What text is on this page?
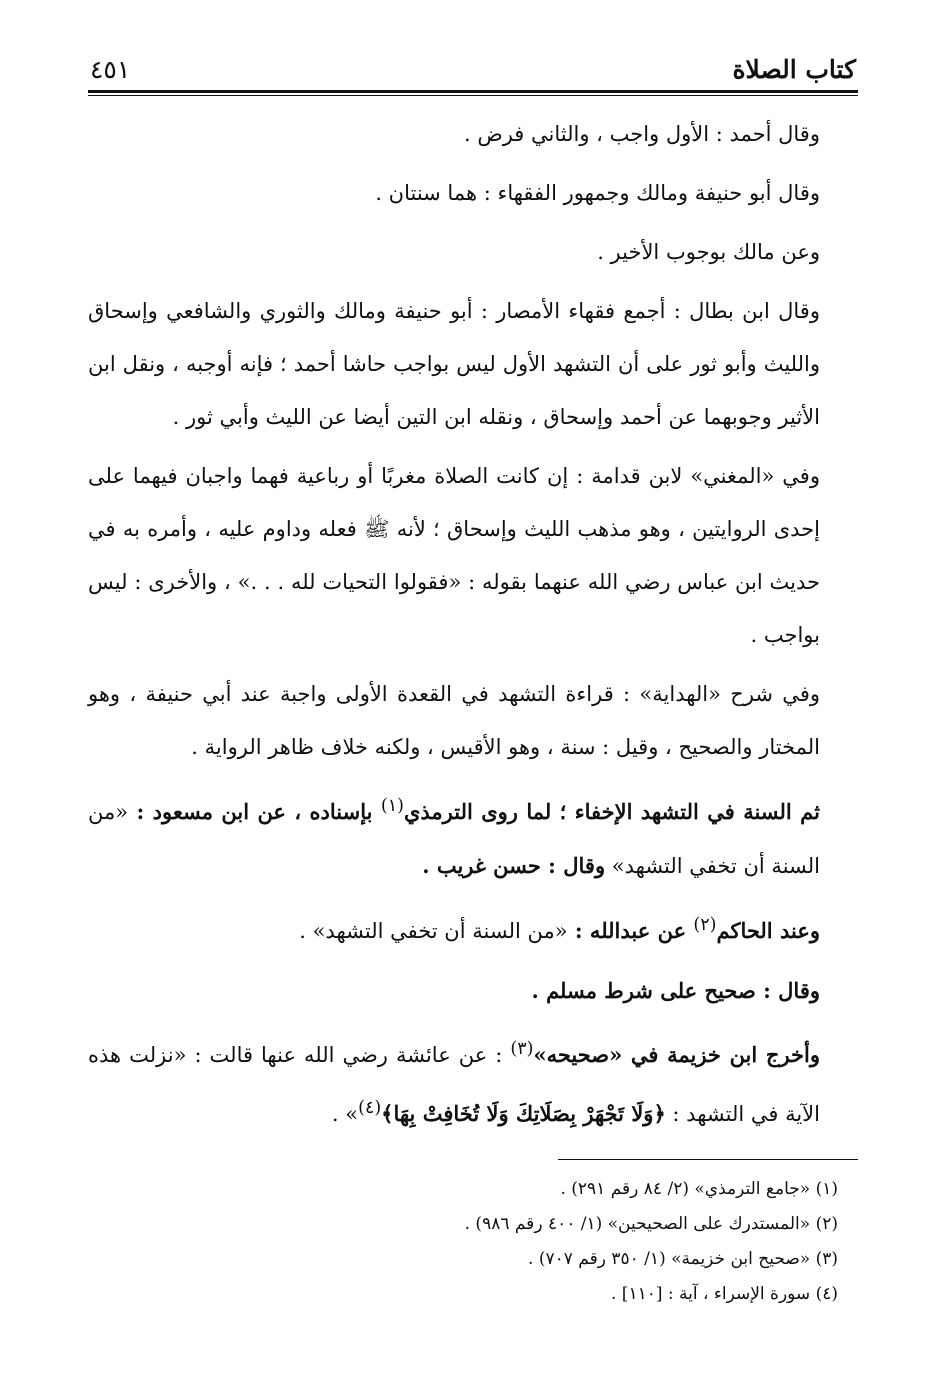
كتاب الصلاة
٤٥١

وقال أحمد : الأول واجب ، والثاني فرض .

وقال أبو حنيفة ومالك وجمهور الفقهاء : هما سنتان .

وعن مالك بوجوب الأخير .

وقال ابن بطال : أجمع فقهاء الأمصار : أبو حنيفة ومالك والثوري والشافعي وإسحاق والليث وأبو ثور على أن التشهد الأول ليس بواجب حاشا أحمد ؛ فإنه أوجبه ، ونقل ابن الأثير وجوبهما عن أحمد وإسحاق ، ونقله ابن التين أيضا عن الليث وأبي ثور .

وفي «المغني» لابن قدامة : إن كانت الصلاة مغربًا أو رباعية فهما واجبان فيهما على إحدى الروايتين ، وهو مذهب الليث وإسحاق ؛ لأنه ﷺ فعله وداوم عليه ، وأمره به في حديث ابن عباس رضي الله عنهما بقوله : «فقولوا التحيات لله . . .» ، والأخرى : ليس بواجب .

وفي شرح «الهداية» : قراءة التشهد في القعدة الأولى واجبة عند أبي حنيفة ، وهو المختار والصحيح ، وقيل : سنة ، وهو الأقيس ، ولكنه خلاف ظاهر الرواية .

ثم السنة في التشهد الإخفاء ؛ لما روى الترمذي$^{(١)}$ بإسناده ، عن ابن مسعود : «من السنة أن تخفي التشهد» وقال : حسن غريب .

وعند الحاكم$^{(٢)}$ عن عبدالله : «من السنة أن تخفي التشهد» .

وقال : صحيح على شرط مسلم .

وأخرج ابن خزيمة في «صحيحه»$^{(٣)}$ : عن عائشة رضي الله عنها قالت : «نزلت هذه الآية في التشهد : ﴿وَلَا تَجْهَرْ بِصَلَاتِكَ وَلَا تُخَافِتْ بِهَا﴾$^{(٤)}$» .

(١) «جامع الترمذي» (٢/ ٨٤ رقم ٢٩١) .

(٢) «المستدرك على الصحيحين» (١/ ٤٠٠ رقم ٩٨٦) .

(٣) «صحيح ابن خزيمة» (١/ ٣٥٠ رقم ٧٠٧) .

(٤) سورة الإسراء ، آية : [١١٠] .
